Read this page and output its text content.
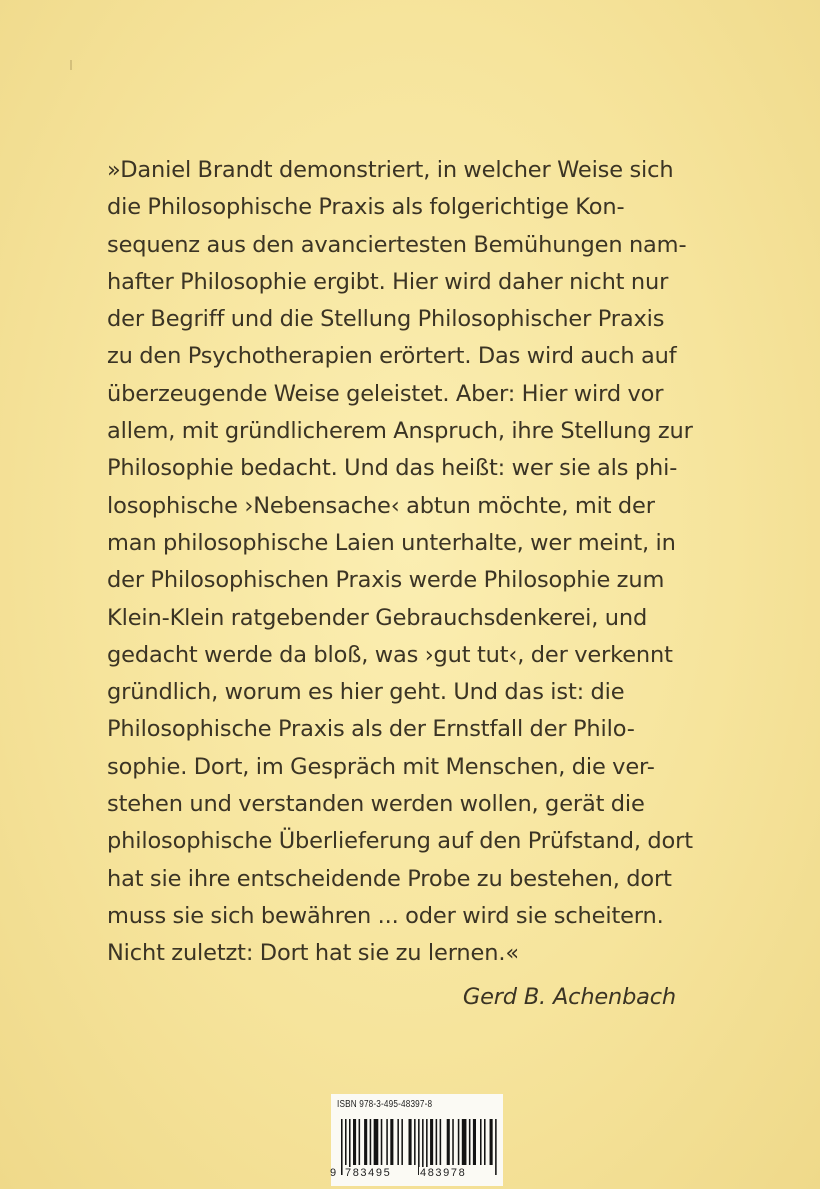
»Daniel Brandt demonstriert, in welcher Weise sich
die Philosophische Praxis als folgerichtige Kon-
sequenz aus den avanciertesten Bemühungen nam-
hafter Philosophie ergibt. Hier wird daher nicht nur
der Begriff und die Stellung Philosophischer Praxis
zu den Psychotherapien erörtert. Das wird auch auf
überzeugende Weise geleistet. Aber: Hier wird vor
allem, mit gründlicherem Anspruch, ihre Stellung zur
Philosophie bedacht. Und das heißt: wer sie als phi-
losophische ›Nebensache‹ abtun möchte, mit der
man philosophische Laien unterhalte, wer meint, in
der Philosophischen Praxis werde Philosophie zum
Klein-Klein ratgebender Gebrauchsdenkerei, und
gedacht werde da bloß, was ›gut tut‹, der verkennt
gründlich, worum es hier geht. Und das ist: die
Philosophische Praxis als der Ernstfall der Philo-
sophie. Dort, im Gespräch mit Menschen, die ver-
stehen und verstanden werden wollen, gerät die
philosophische Überlieferung auf den Prüfstand, dort
hat sie ihre entscheidende Probe zu bestehen, dort
muss sie sich bewähren ... oder wird sie scheitern.
Nicht zuletzt: Dort hat sie zu lernen.«
Gerd B. Achenbach
ISBN 978-3-495-48397-8
9 783495	483978
